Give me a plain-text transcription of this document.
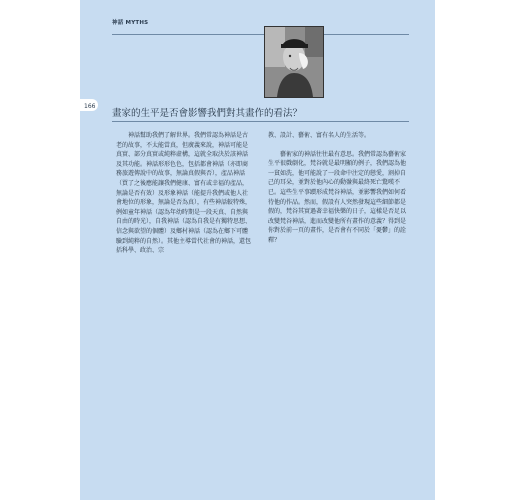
神話 MYTHS
166
畫家的生平是否會影響我們對其畫作的看法？

神話幫助我們了解世界。我們常認為神話是古老的故事，不太能當真，但廣義來說，神話可能是真實、部分真實或純粹虛構，這就全取決於該神話及其功能。神話形形色色，包括都會神話（亦即商務旅遊傳說中的故事，無論真假與否），產品神話（買了之後應能讓我們健康、富有或幸福的產品，無論是否有效）及形象神話（能提升我們或他人社會地位的形象，無論是否為真），有些神話較特殊，例如童年神話（認為年幼時期是一段天真、自然與自由的時光），自我神話（認為自我是有獨特思想、信念與欲望的個體）及鄉村神話（認為在鄉下可體驗到純粹的自然）。其他主導當代社會的神話，還包括科學、政治、宗

教、設計、藝術、富有名人的生活等。

藝術家的神話往往最有意思。我們常認為藝術家生平很戲劇化，梵谷就是最明顯的例子，我們認為他一貧如洗，他可能說了一段命中注定的戀愛，割掉自己的耳朵，並對於他內心的動盪與最終死亡驚嘆不已。這些生平事蹟形成梵谷神話，並影響我們如何看待他的作品。然而，假設有人突然發現這些細節都是假的，梵谷其實過著幸福快樂的日子，這樣是否足以改變梵谷神話，進而改變他所有畫作的意義？得到是你對於前一頁的畫作，是否會有不同於「憂鬱」的詮釋？
